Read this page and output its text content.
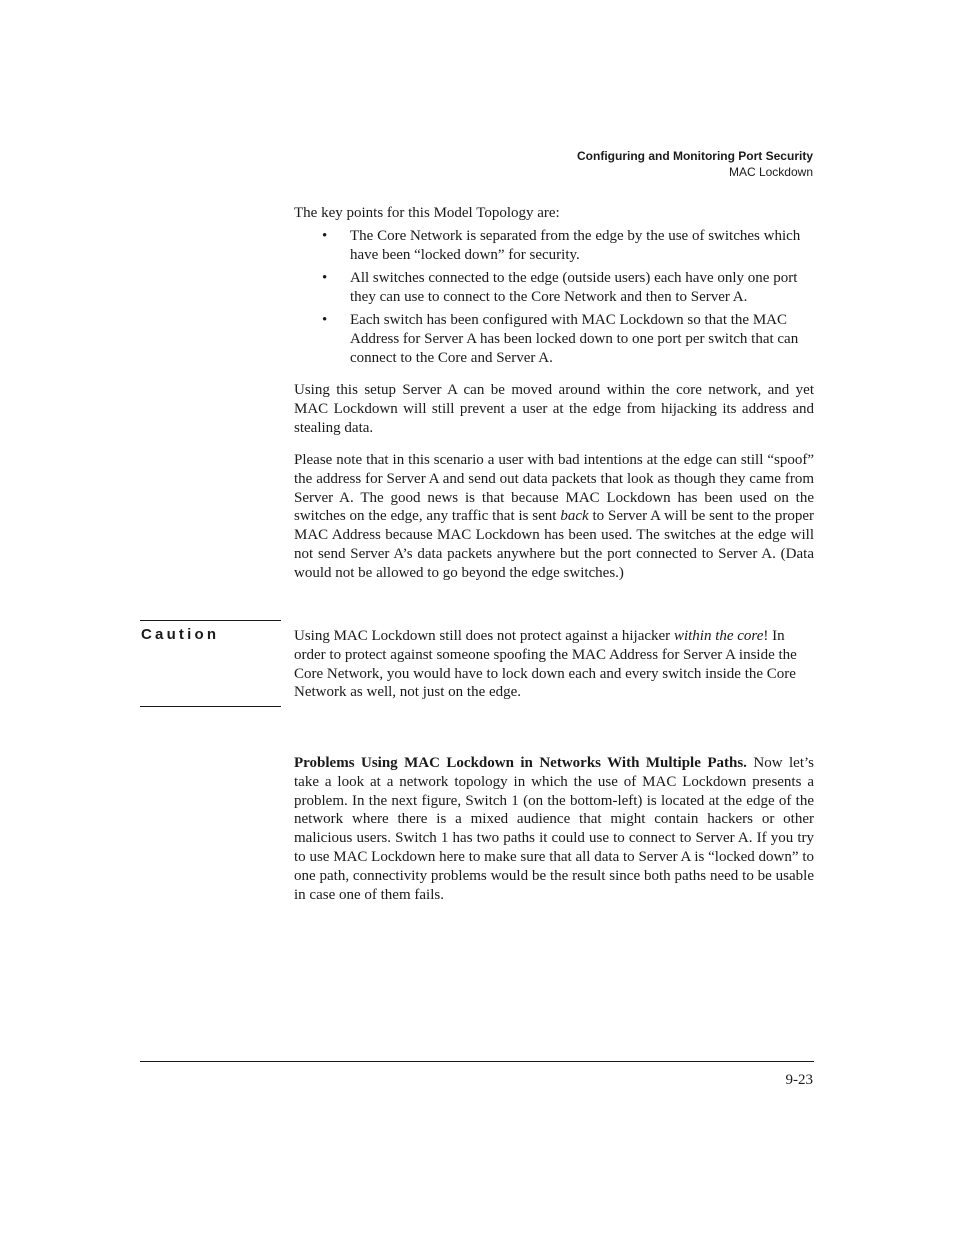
Configuring and Monitoring Port Security
MAC Lockdown
The key points for this Model Topology are:
• The Core Network is separated from the edge by the use of switches which have been “locked down” for security.
• All switches connected to the edge (outside users) each have only one port they can use to connect to the Core Network and then to Server A.
• Each switch has been configured with MAC Lockdown so that the MAC Address for Server A has been locked down to one port per switch that can connect to the Core and Server A.
Using this setup Server A can be moved around within the core network, and yet MAC Lockdown will still prevent a user at the edge from hijacking its address and stealing data.
Please note that in this scenario a user with bad intentions at the edge can still “spoof” the address for Server A and send out data packets that look as though they came from Server A. The good news is that because MAC Lockdown has been used on the switches on the edge, any traffic that is sent back to Server A will be sent to the proper MAC Address because MAC Lockdown has been used. The switches at the edge will not send Server A’s data packets anywhere but the port connected to Server A. (Data would not be allowed to go beyond the edge switches.)
Caution	Using MAC Lockdown still does not protect against a hijacker within the core! In order to protect against someone spoofing the MAC Address for Server A inside the Core Network, you would have to lock down each and every switch inside the Core Network as well, not just on the edge.
Problems Using MAC Lockdown in Networks With Multiple Paths. Now let’s take a look at a network topology in which the use of MAC Lockdown presents a problem. In the next figure, Switch 1 (on the bottom-left) is located at the edge of the network where there is a mixed audience that might contain hackers or other malicious users. Switch 1 has two paths it could use to connect to Server A. If you try to use MAC Lockdown here to make sure that all data to Server A is “locked down” to one path, connectivity problems would be the result since both paths need to be usable in case one of them fails.
9-23
